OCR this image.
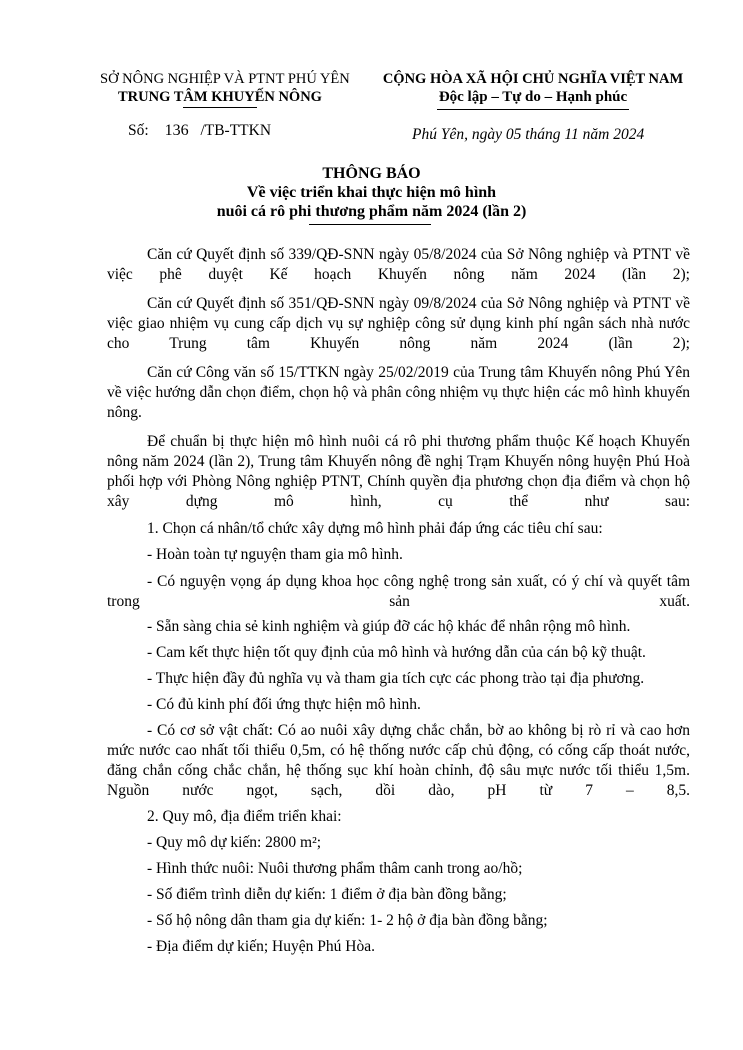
SỞ NÔNG NGHIỆP VÀ PTNT PHÚ YÊN
TRUNG TÂM KHUYẾN NÔNG
CỘNG HÒA XÃ HỘI CHỦ NGHĨA VIỆT NAM
Độc lập – Tự do – Hạnh phúc
Số: 136 /TB-TTKN	Phú Yên, ngày 05 tháng 11 năm 2024
THÔNG BÁO
Về việc triển khai thực hiện mô hình
nuôi cá rô phi thương phẩm năm 2024 (lần 2)

Căn cứ Quyết định số 339/QĐ-SNN ngày 05/8/2024 của Sở Nông nghiệp và PTNT về việc phê duyệt Kế hoạch Khuyến nông năm 2024 (lần 2);

Căn cứ Quyết định số 351/QĐ-SNN ngày 09/8/2024 của Sở Nông nghiệp và PTNT về việc giao nhiệm vụ cung cấp dịch vụ sự nghiệp công sử dụng kinh phí ngân sách nhà nước cho Trung tâm Khuyến nông năm 2024 (lần 2);

Căn cứ Công văn số 15/TTKN ngày 25/02/2019 của Trung tâm Khuyến nông Phú Yên về việc hướng dẫn chọn điểm, chọn hộ và phân công nhiệm vụ thực hiện các mô hình khuyến nông.

Để chuẩn bị thực hiện mô hình nuôi cá rô phi thương phẩm thuộc Kế hoạch Khuyến nông năm 2024 (lần 2), Trung tâm Khuyến nông đề nghị Trạm Khuyến nông huyện Phú Hoà phối hợp với Phòng Nông nghiệp PTNT, Chính quyền địa phương chọn địa điểm và chọn hộ xây dựng mô hình, cụ thể như sau:

1. Chọn cá nhân/tổ chức xây dựng mô hình phải đáp ứng các tiêu chí sau:
- Hoàn toàn tự nguyện tham gia mô hình.

- Có nguyện vọng áp dụng khoa học công nghệ trong sản xuất, có ý chí và quyết tâm trong sản xuất.

- Sẵn sàng chia sẻ kinh nghiệm và giúp đỡ các hộ khác để nhân rộng mô hình.
- Cam kết thực hiện tốt quy định của mô hình và hướng dẫn của cán bộ kỹ thuật.
- Thực hiện đầy đủ nghĩa vụ và tham gia tích cực các phong trào tại địa phương.
- Có đủ kinh phí đối ứng thực hiện mô hình.

- Có cơ sở vật chất: Có ao nuôi xây dựng chắc chắn, bờ ao không bị rò rỉ và cao hơn mức nước cao nhất tối thiểu 0,5m, có hệ thống nước cấp chủ động, có cống cấp thoát nước, đăng chắn cống chắc chắn, hệ thống sục khí hoàn chỉnh, độ sâu mực nước tối thiểu 1,5m. Nguồn nước ngọt, sạch, dồi dào, pH từ 7 – 8,5.

2. Quy mô, địa điểm triển khai:
- Quy mô dự kiến: 2800 m²;
- Hình thức nuôi: Nuôi thương phẩm thâm canh trong ao/hồ;
- Số điểm trình diễn dự kiến: 1 điểm ở địa bàn đồng bằng;
- Số hộ nông dân tham gia dự kiến: 1- 2 hộ ở địa bàn đồng bằng;
- Địa điểm dự kiến; Huyện Phú Hòa.
